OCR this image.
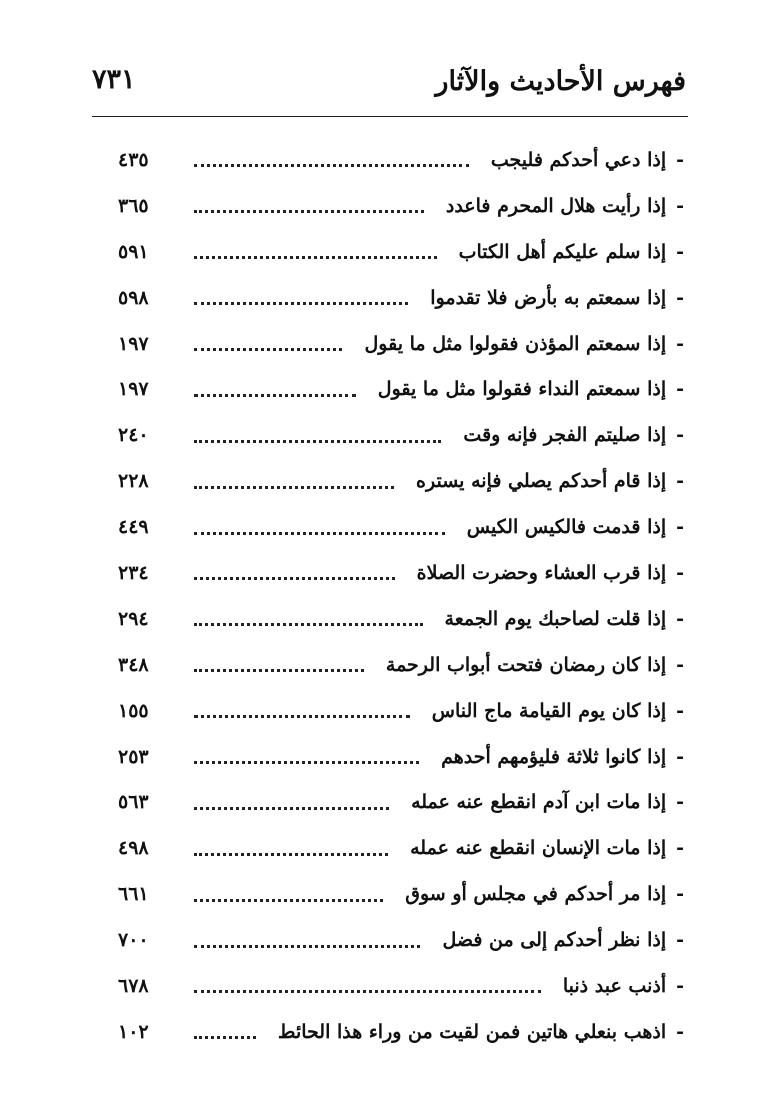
فهرس الأحاديث والآثار
٧٣١
-
إذا دعي أحدكم فليجب
٤٣٥
-
إذا رأيت هلال المحرم فاعدد
٣٦٥
-
إذا سلم عليكم أهل الكتاب
٥٩١
-
إذا سمعتم به بأرض فلا تقدموا
٥٩٨
-
إذا سمعتم المؤذن فقولوا مثل ما يقول
١٩٧
-
إذا سمعتم النداء فقولوا مثل ما يقول
١٩٧
-
إذا صليتم الفجر فإنه وقت
٢٤٠
-
إذا قام أحدكم يصلي فإنه يستره
٢٢٨
-
إذا قدمت فالكيس الكيس
٤٤٩
-
إذا قرب العشاء وحضرت الصلاة
٢٣٤
-
إذا قلت لصاحبك يوم الجمعة
٢٩٤
-
إذا كان رمضان فتحت أبواب الرحمة
٣٤٨
-
إذا كان يوم القيامة ماج الناس
١٥٥
-
إذا كانوا ثلاثة فليؤمهم أحدهم
٢٥٣
-
إذا مات ابن آدم انقطع عنه عمله
٥٦٣
-
إذا مات الإنسان انقطع عنه عمله
٤٩٨
-
إذا مر أحدكم في مجلس أو سوق
٦٦١
-
إذا نظر أحدكم إلى من فضل
٧٠٠
-
أذنب عبد ذنبا
٦٧٨
-
اذهب بنعلي هاتين فمن لقيت من وراء هذا الحائط
١٠٢
